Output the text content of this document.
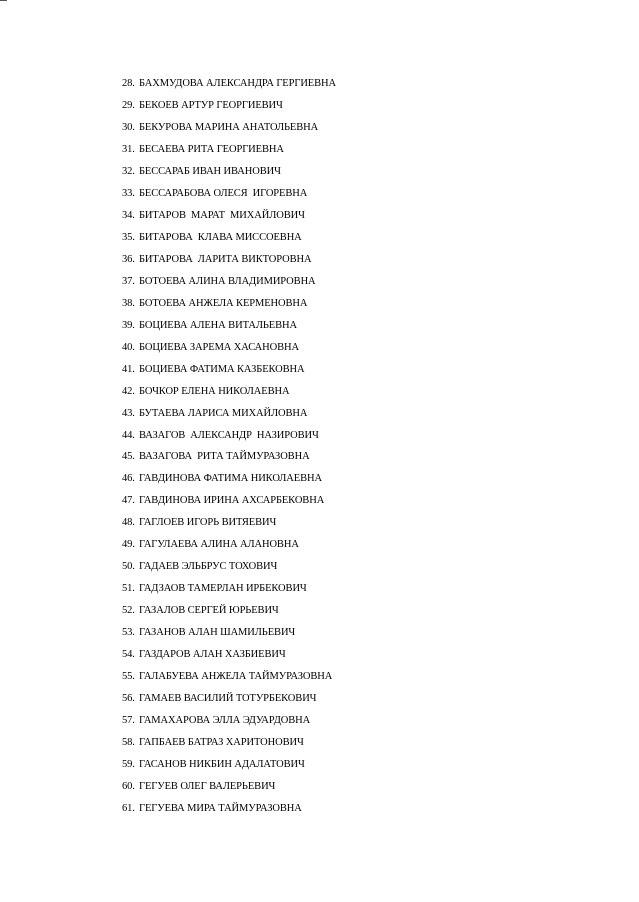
28. БАХМУДОВА АЛЕКСАНДРА ГЕРГИЕВНА
29. БЕКОЕВ АРТУР ГЕОРГИЕВИЧ
30. БЕКУРОВА МАРИНА АНАТОЛЬЕВНА
31. БЕСАЕВА РИТА ГЕОРГИЕВНА
32. БЕССАРАБ ИВАН ИВАНОВИЧ
33. БЕССАРАБОВА ОЛЕСЯ  ИГОРЕВНА
34. БИТАРОВ  МАРАТ  МИХАЙЛОВИЧ
35. БИТАРОВА  КЛАВА МИССОЕВНА
36. БИТАРОВА  ЛАРИТА ВИКТОРОВНА
37. БОТОЕВА АЛИНА ВЛАДИМИРОВНА
38. БОТОЕВА АНЖЕЛА КЕРМЕНОВНА
39. БОЦИЕВА АЛЕНА ВИТАЛЬЕВНА
40. БОЦИЕВА ЗАРЕМА ХАСАНОВНА
41. БОЦИЕВА ФАТИМА КАЗБЕКОВНА
42. БОЧКОР ЕЛЕНА НИКОЛАЕВНА
43. БУТАЕВА ЛАРИСА МИХАЙЛОВНА
44. ВАЗАГОВ  АЛЕКСАНДР  НАЗИРОВИЧ
45. ВАЗАГОВА  РИТА ТАЙМУРАЗОВНА
46. ГАВДИНОВА ФАТИМА НИКОЛАЕВНА
47. ГАВДИНОВА ИРИНА АХСАРБЕКОВНА
48. ГАГЛОЕВ ИГОРЬ ВИТЯЕВИЧ
49. ГАГУЛАЕВА АЛИНА АЛАНОВНА
50. ГАДАЕВ ЭЛЬБРУС ТОХОВИЧ
51. ГАДЗАОВ ТАМЕРЛАН ИРБЕКОВИЧ
52. ГАЗАЛОВ СЕРГЕЙ ЮРЬЕВИЧ
53. ГАЗАНОВ АЛАН ШАМИЛЬЕВИЧ
54. ГАЗДАРОВ АЛАН ХАЗБИЕВИЧ
55. ГАЛАБУЕВА АНЖЕЛА ТАЙМУРАЗОВНА
56. ГАМАЕВ ВАСИЛИЙ ТОТУРБЕКОВИЧ
57. ГАМАХАРОВА ЭЛЛА ЭДУАРДОВНА
58. ГАПБАЕВ БАТРАЗ ХАРИТОНОВИЧ
59. ГАСАНОВ НИКБИН АДАЛАТОВИЧ
60. ГЕГУЕВ ОЛЕГ ВАЛЕРЬЕВИЧ
61. ГЕГУЕВА МИРА ТАЙМУРАЗОВНА
